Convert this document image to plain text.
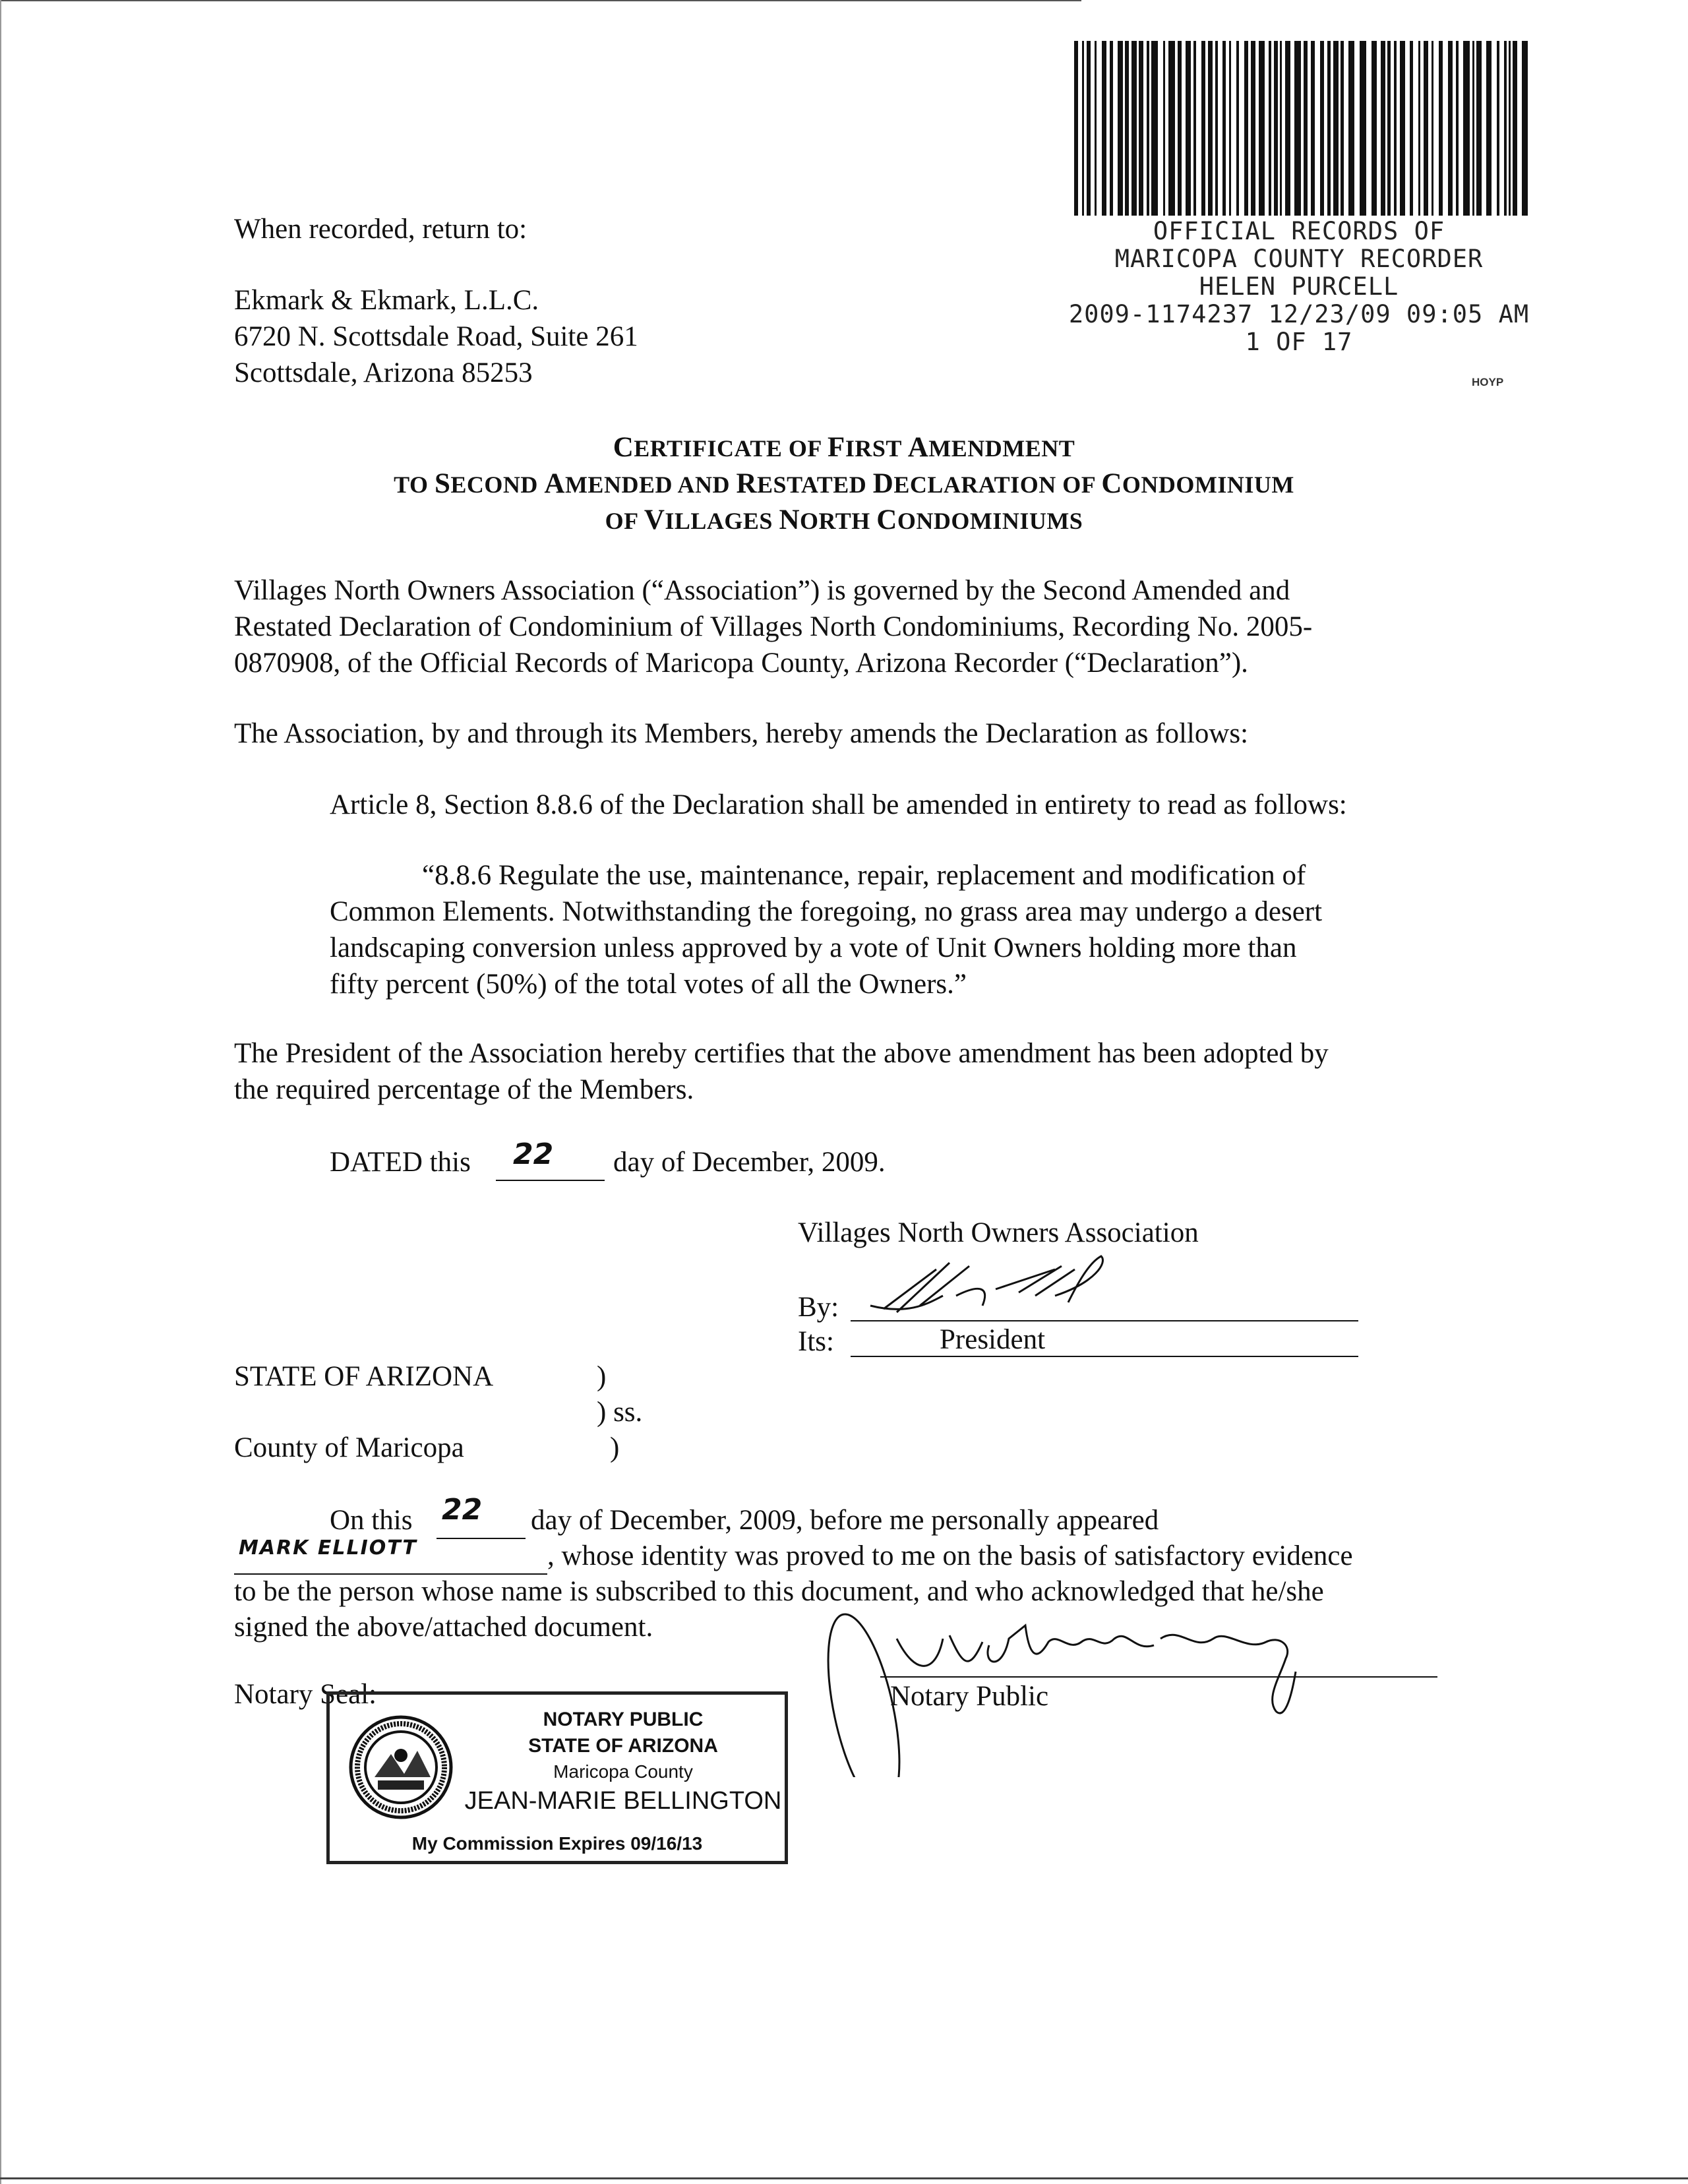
OFFICIAL RECORDS OF
MARICOPA COUNTY RECORDER
HELEN PURCELL
2009-1174237 12/23/09 09:05 AM
1 OF 17
HOYP
When recorded, return to:

Ekmark & Ekmark, L.L.C.

6720 N. Scottsdale Road, Suite 261

Scottsdale, Arizona 85253

CERTIFICATE OF FIRST AMENDMENT
TO SECOND AMENDED AND RESTATED DECLARATION OF CONDOMINIUM
OF VILLAGES NORTH CONDOMINIUMS

Villages North Owners Association (“Association”) is governed by the Second Amended and

Restated Declaration of Condominium of Villages North Condominiums, Recording No. 2005-

0870908, of the Official Records of Maricopa County, Arizona Recorder (“Declaration”).

The Association, by and through its Members, hereby amends the Declaration as follows:
Article 8, Section 8.8.6 of the Declaration shall be amended in entirety to read as follows:

“8.8.6 Regulate the use, maintenance, repair, replacement and modification of

Common Elements. Notwithstanding the foregoing, no grass area may undergo a desert

landscaping conversion unless approved by a vote of Unit Owners holding more than

fifty percent (50%) of the total votes of all the Owners.”

The President of the Association hereby certifies that the above amendment has been adopted by

the required percentage of the Members.

DATED this 22 day of December, 2009.
Villages North Owners Association
By:
Its:	President
STATE OF ARIZONA	)
) ss.
County of Maricopa	)
On this 22 day of December, 2009, before me personally appeared
MARK ELLIOTT	, whose identity was proved to me on the basis of satisfactory evidence
to be the person whose name is subscribed to this document, and who acknowledged that he/she
signed the above/attached document.
Notary Public
Notary Seal:
NOTARY PUBLIC
STATE OF ARIZONA
Maricopa County
JEAN-MARIE BELLINGTON
My Commission Expires 09/16/13
